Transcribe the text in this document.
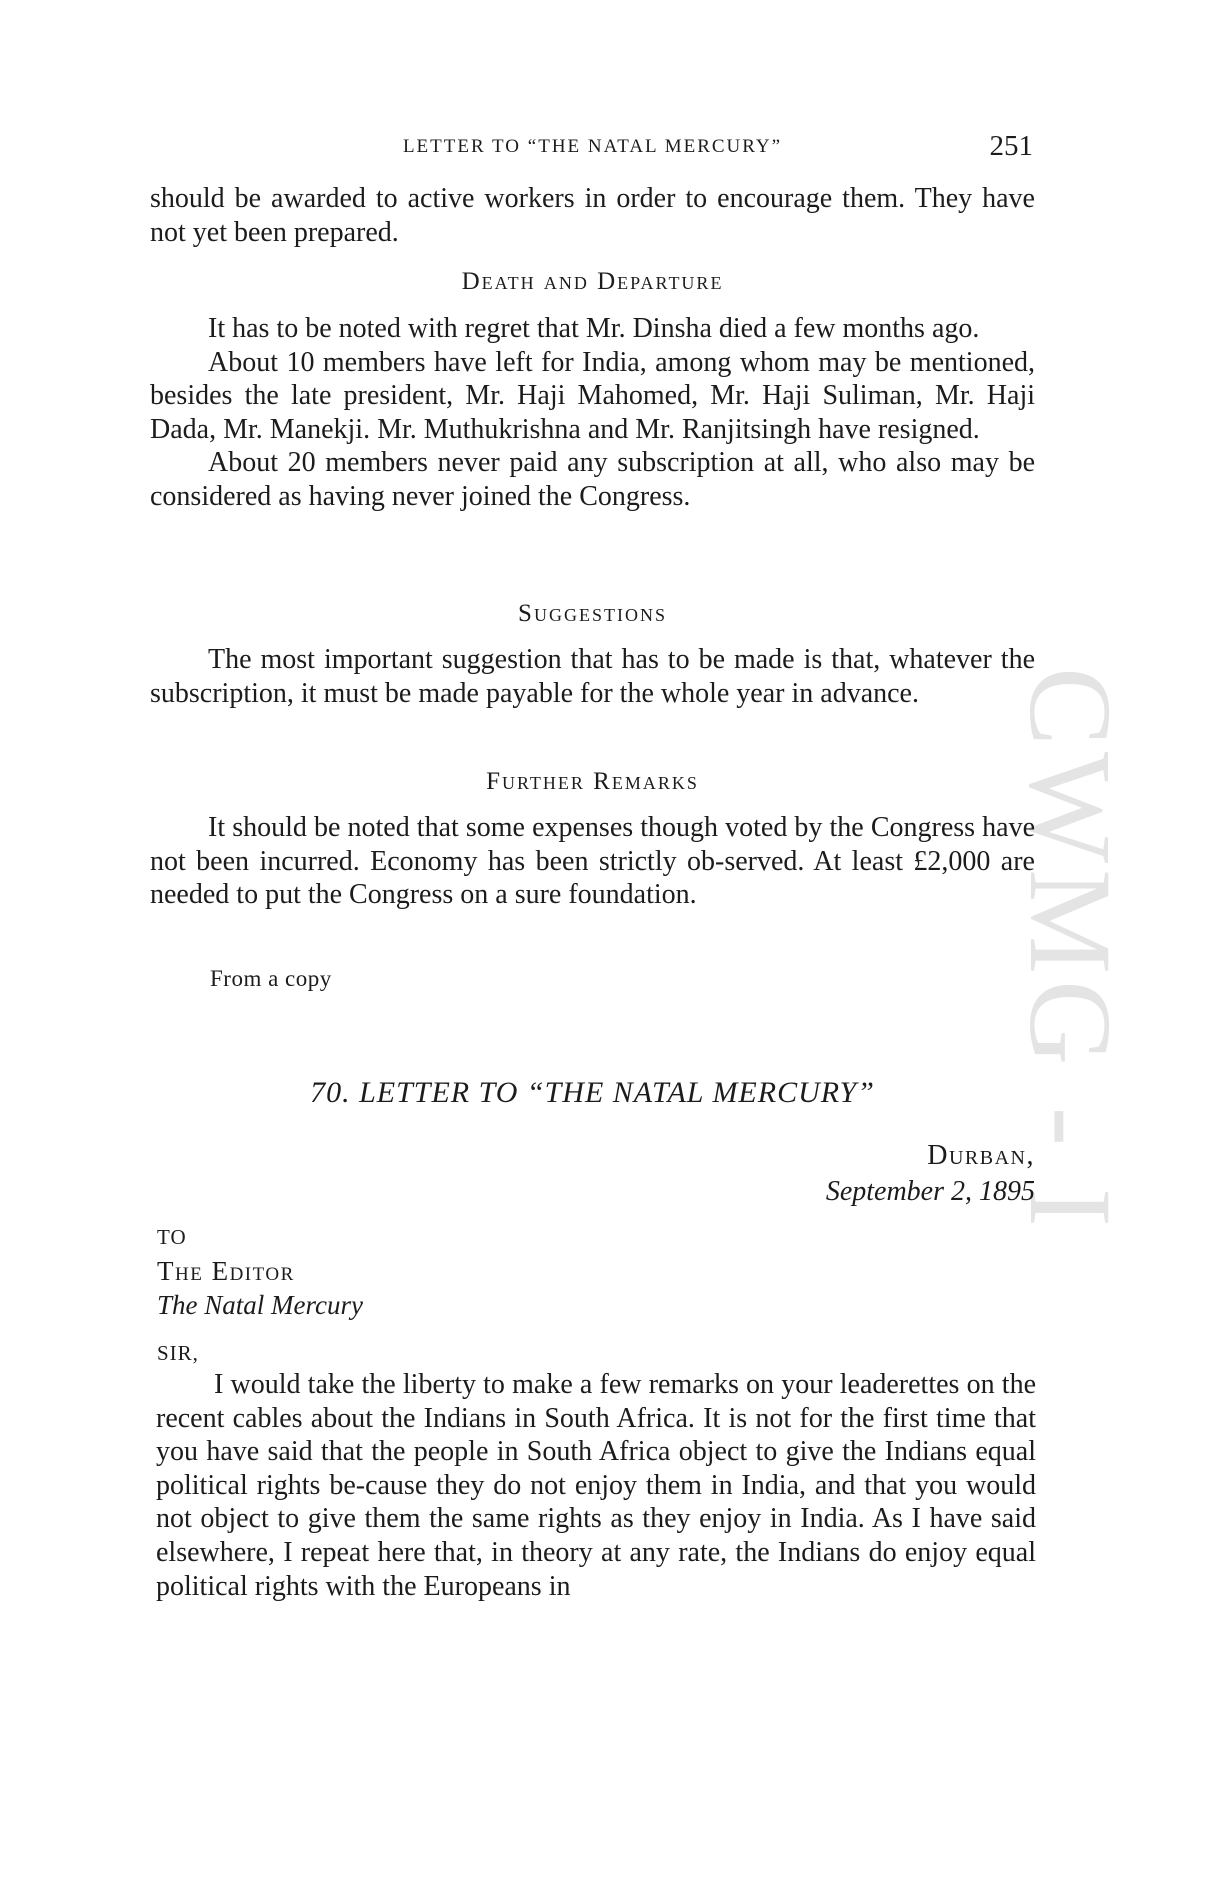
CWMG - I
LETTER TO “THE NATAL MERCURY”	251

should be awarded to active workers in order to encourage them. They have not yet been prepared.

Death and Departure

It has to be noted with regret that Mr. Dinsha died a few months ago.

About 10 members have left for India, among whom may be mentioned, besides the late president, Mr. Haji Mahomed, Mr. Haji Suliman, Mr. Haji Dada, Mr. Manekji. Mr. Muthukrishna and Mr. Ranjitsingh have resigned.

About 20 members never paid any subscription at all, who also may be considered as having never joined the Congress.

Suggestions

The most important suggestion that has to be made is that, whatever the subscription, it must be made payable for the whole year in advance.

Further Remarks

It should be noted that some expenses though voted by the Congress have not been incurred. Economy has been strictly ob-served. At least £2,000 are needed to put the Congress on a sure foundation.

From a copy
70. LETTER TO “THE NATAL MERCURY”
Durban,
September 2, 1895
TO
The Editor
The Natal Mercury
SIR,

I would take the liberty to make a few remarks on your leaderettes on the recent cables about the Indians in South Africa. It is not for the first time that you have said that the people in South Africa object to give the Indians equal political rights be-cause they do not enjoy them in India, and that you would not object to give them the same rights as they enjoy in India. As I have said elsewhere, I repeat here that, in theory at any rate, the Indians do enjoy equal political rights with the Europeans in
